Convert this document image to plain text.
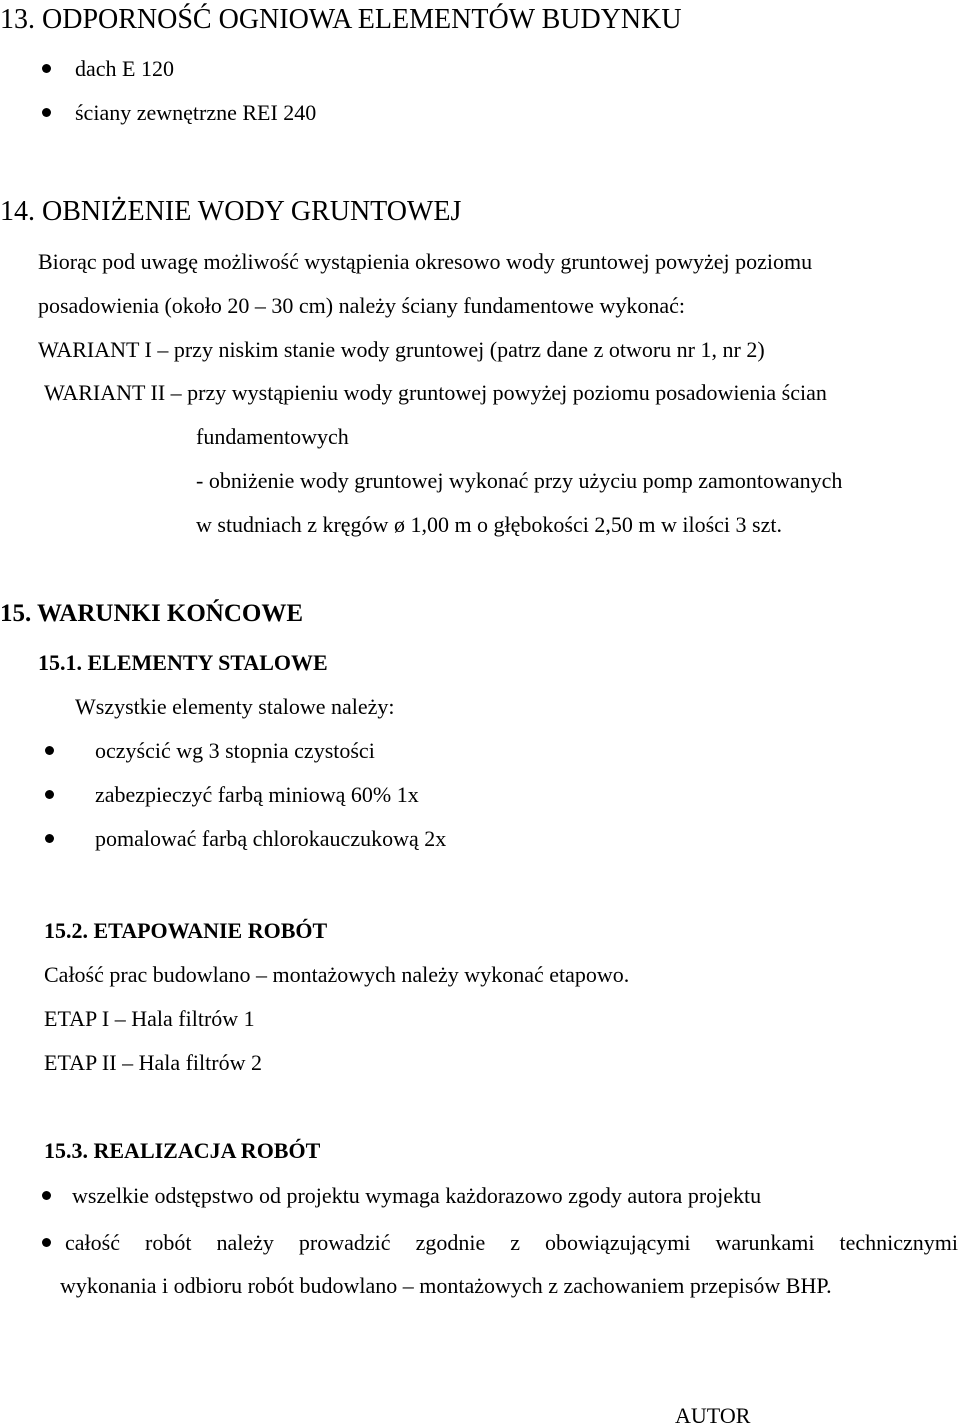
13. ODPORNOŚĆ OGNIOWA ELEMENTÓW BUDYNKU
dach E 120
ściany zewnętrzne REI 240
14. OBNIŻENIE WODY GRUNTOWEJ
Biorąc pod uwagę możliwość wystąpienia okresowo wody gruntowej powyżej poziomu
posadowienia (około 20 – 30 cm) należy ściany fundamentowe wykonać:
WARIANT I – przy niskim stanie wody gruntowej (patrz dane z otworu nr 1, nr 2)
WARIANT II – przy wystąpieniu wody gruntowej powyżej poziomu posadowienia ścian
fundamentowych
- obniżenie wody gruntowej wykonać przy użyciu pomp zamontowanych
w studniach z kręgów ø 1,00 m o głębokości 2,50 m w ilości 3 szt.
15. WARUNKI KOŃCOWE
15.1. ELEMENTY STALOWE
Wszystkie elementy stalowe należy:
oczyścić wg 3 stopnia czystości
zabezpieczyć farbą miniową 60% 1x
pomalować farbą chlorokauczukową 2x
15.2. ETAPOWANIE ROBÓT
Całość prac budowlano – montażowych należy wykonać etapowo.
ETAP I – Hala filtrów 1
ETAP II – Hala filtrów 2
15.3. REALIZACJA ROBÓT
wszelkie odstępstwo od projektu wymaga każdorazowo zgody autora projektu
całość robót należy prowadzić zgodnie z obowiązującymi warunkami technicznymi
wykonania i odbioru robót budowlano – montażowych z zachowaniem przepisów BHP.
AUTOR
